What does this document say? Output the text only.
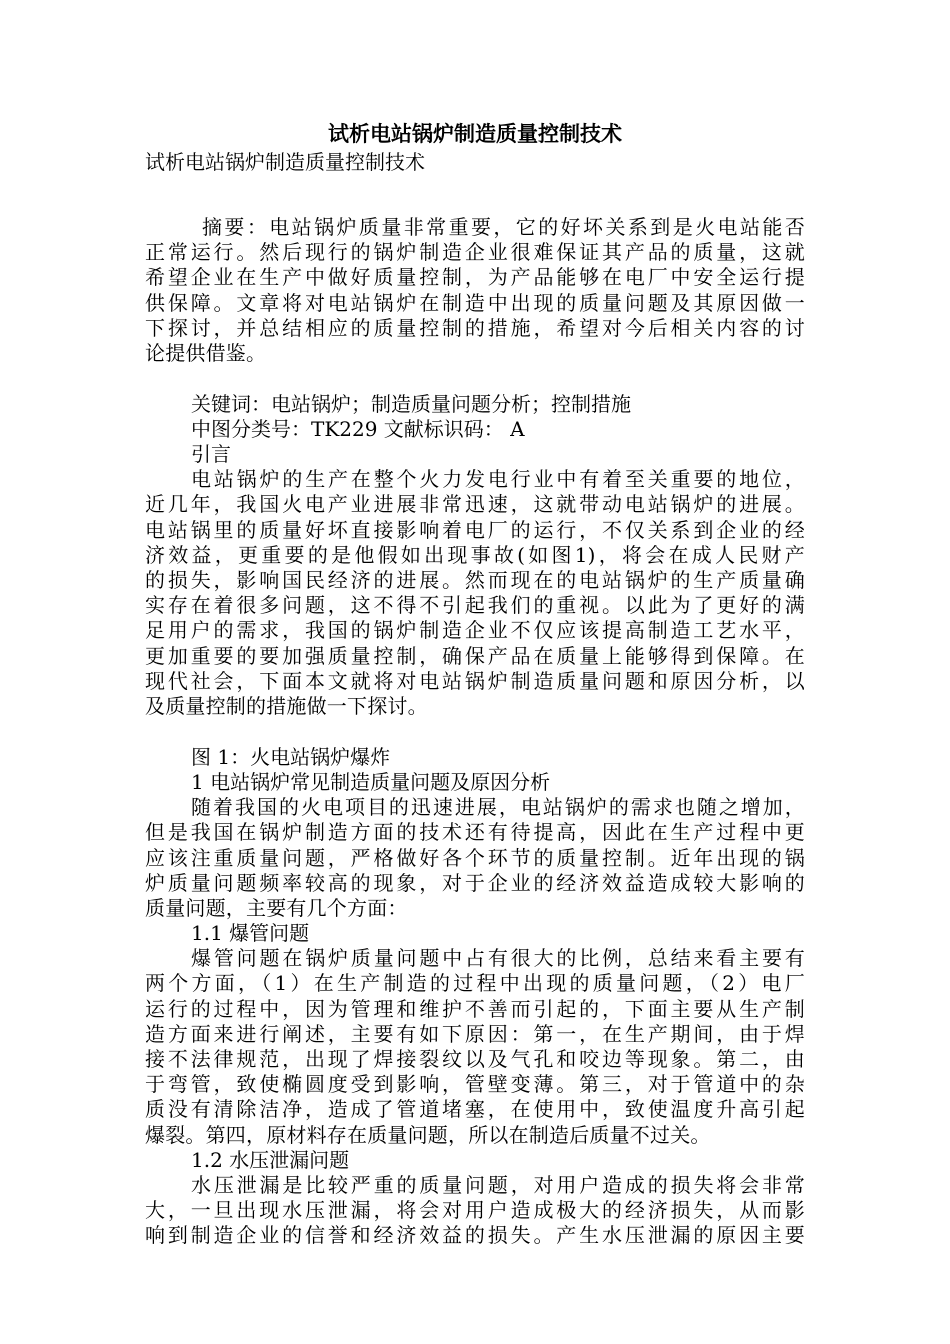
试析电站锅炉制造质量控制技术
试析电站锅炉制造质量控制技术

摘要：电站锅炉质量非常重要，它的好坏关系到是火电站能否

正常运行。然后现行的锅炉制造企业很难保证其产品的质量，这就

希望企业在生产中做好质量控制，为产品能够在电厂中安全运行提

供保障。文章将对电站锅炉在制造中出现的质量问题及其原因做一

下探讨，并总结相应的质量控制的措施，希望对今后相关内容的讨

论提供借鉴。

关键词：电站锅炉；制造质量问题分析；控制措施
中图分类号：TK229 文献标识码： A
引言

电站锅炉的生产在整个火力发电行业中有着至关重要的地位，

近几年，我国火电产业进展非常迅速，这就带动电站锅炉的进展。

电站锅里的质量好坏直接影响着电厂的运行，不仅关系到企业的经

济效益，更重要的是他假如出现事故(如图1)，将会在成人民财产

的损失，影响国民经济的进展。然而现在的电站锅炉的生产质量确

实存在着很多问题，这不得不引起我们的重视。以此为了更好的满

足用户的需求，我国的锅炉制造企业不仅应该提高制造工艺水平，

更加重要的要加强质量控制，确保产品在质量上能够得到保障。在

现代社会，下面本文就将对电站锅炉制造质量问题和原因分析，以

及质量控制的措施做一下探讨。

图 1：火电站锅炉爆炸
1 电站锅炉常见制造质量问题及原因分析

随着我国的火电项目的迅速进展，电站锅炉的需求也随之增加，

但是我国在锅炉制造方面的技术还有待提高，因此在生产过程中更

应该注重质量问题，严格做好各个环节的质量控制。近年出现的锅

炉质量问题频率较高的现象，对于企业的经济效益造成较大影响的

质量问题，主要有几个方面：

1.1 爆管问题

爆管问题在锅炉质量问题中占有很大的比例，总结来看主要有

两个方面，（1）在生产制造的过程中出现的质量问题，（2）电厂

运行的过程中，因为管理和维护不善而引起的，下面主要从生产制

造方面来进行阐述，主要有如下原因：第一，在生产期间，由于焊

接不法律规范，出现了焊接裂纹以及气孔和咬边等现象。第二，由

于弯管，致使椭圆度受到影响，管壁变薄。第三，对于管道中的杂

质没有清除洁净，造成了管道堵塞，在使用中，致使温度升高引起

爆裂。第四，原材料存在质量问题，所以在制造后质量不过关。

1.2 水压泄漏问题

水压泄漏是比较严重的质量问题，对用户造成的损失将会非常

大，一旦出现水压泄漏，将会对用户造成极大的经济损失，从而影

响到制造企业的信誉和经济效益的损失。产生水压泄漏的原因主要
